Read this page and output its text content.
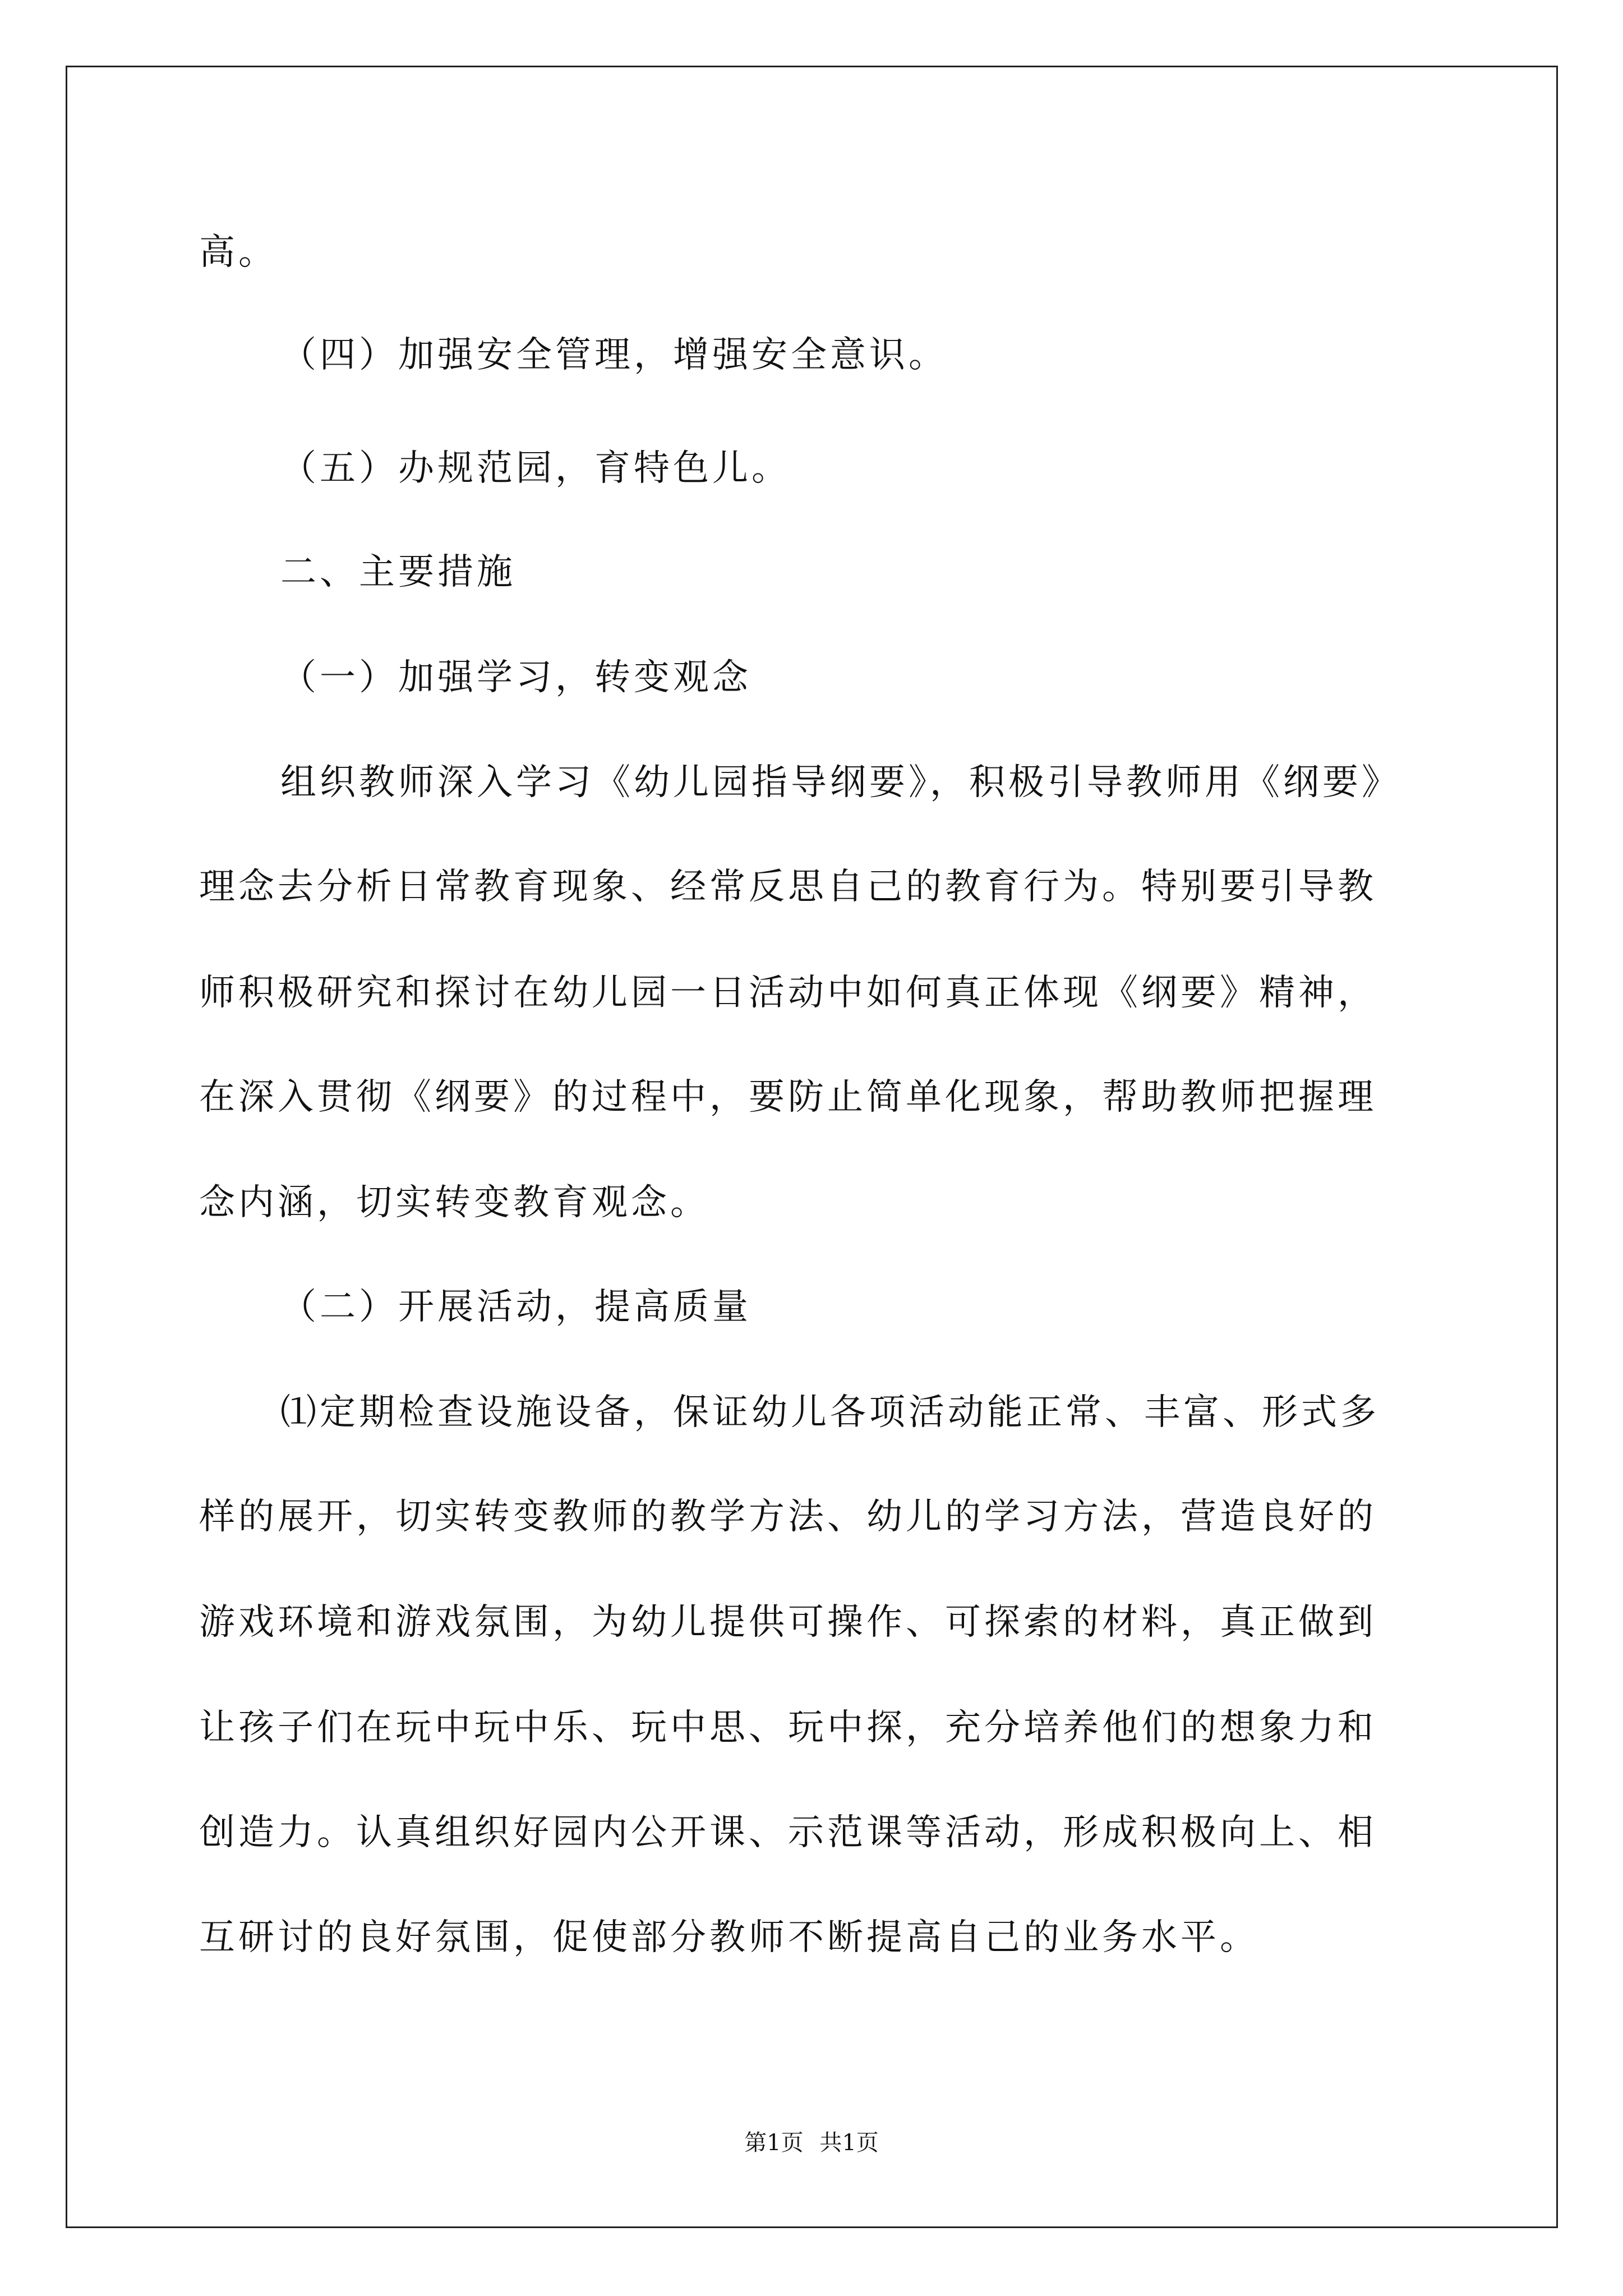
高。
（四）加强安全管理，增强安全意识。
（五）办规范园，育特色儿。
二、主要措施
（一）加强学习，转变观念
组织教师深入学习《幼儿园指导纲要》，积极引导教师用《纲要》
理念去分析日常教育现象、经常反思自己的教育行为。特别要引导教
师积极研究和探讨在幼儿园一日活动中如何真正体现《纲要》精神，
在深入贯彻《纲要》的过程中，要防止简单化现象，帮助教师把握理
念内涵，切实转变教育观念。
（二）开展活动，提高质量
⑴定期检查设施设备，保证幼儿各项活动能正常、丰富、形式多
样的展开，切实转变教师的教学方法、幼儿的学习方法，营造良好的
游戏环境和游戏氛围，为幼儿提供可操作、可探索的材料，真正做到
让孩子们在玩中玩中乐、玩中思、玩中探，充分培养他们的想象力和
创造力。认真组织好园内公开课、示范课等活动，形成积极向上、相
互研讨的良好氛围，促使部分教师不断提高自己的业务水平。
第1页 共1页
